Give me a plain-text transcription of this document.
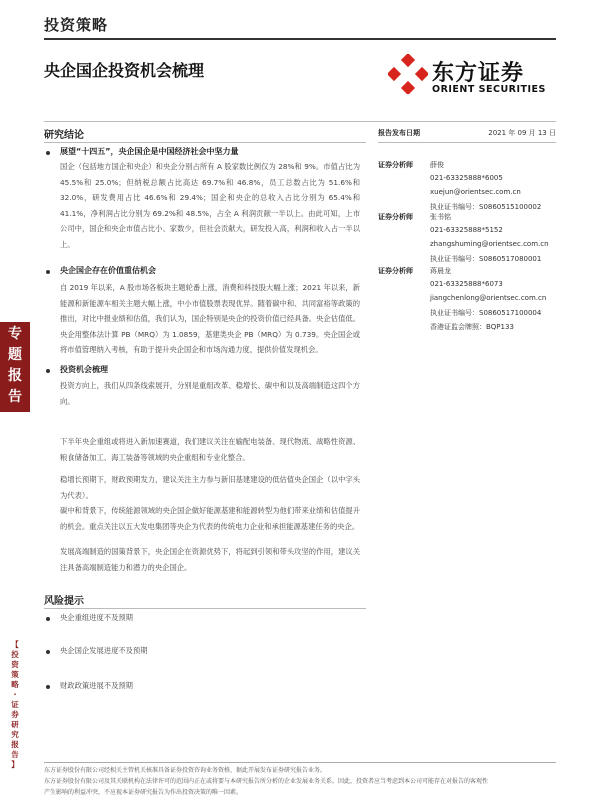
投资策略
央企国企投资机会梳理	东方证券
ORIENT SECURITIES
研究结论	报告发布日期	2021 年 09 月 13 日
证券分析师 薛俊
021-63325888*6005
xuejun@orientsec.com.cn
执业证书编号：S0860515100002
证券分析师 张书铭
021-63325888*5152
zhangshuming@orientsec.com.cn
执业证书编号：S0860517080001
证券分析师 蒋晨龙
021-63325888*6073
jiangchenlong@orientsec.com.cn
执业证书编号：S0860517100004
香港证监会牌照：BQP133
展望“十四五”，央企国企是中国经济社会中坚力量
国企（包括地方国企和央企）和央企分别占所有 A 股家数比例仅为 28%和 9%。市值占比为 45.5%和 25.0%；但纳税总额占比高达 69.7%和 46.8%，员工总数占比为 51.6%和 32.0%，研发费用占比 46.6%和 29.4%；国企和央企的总收入占比分别为 65.4%和 41.1%，净利润占比分别为 69.2%和 48.5%，占全 A 利润贡献一半以上。由此可知，上市公司中，国企和央企市值占比小、家数少，但社会贡献大，研发投入高，利润和收入占一半以上。
央企国企存在价值重估机会
自 2019 年以来，A 股市场各板块主题轮番上涨，消费和科技股大幅上涨；2021 年以来，新能源和新能源车相关主题大幅上涨，中小市值股票表现优异。随着碳中和、共同富裕等政策的推出，对比中报业绩和估值，我们认为，国企特别是央企的投资价值已经具备。央企估值低。央企用整体法计算 PB（MRQ）为 1.0859，基建类央企 PB（MRQ）为 0.739。央企国企或将市值管理纳入考核，有助于提升央企国企和市场沟通力度，提供价值发现机会。
投资机会梳理
投资方向上，我们从四条线索展开，分别是重组改革、稳增长、碳中和以及高端制造这四个方向。
下半年央企重组或将进入新加速赛道，我们建议关注在输配电装备、现代物流、战略性资源、粮食储备加工、海工装备等领域的央企重组和专业化整合。
稳增长预期下，财政预期发力，建议关注主力参与新旧基建建设的低估值央企国企（以中字头为代表）。
碳中和背景下，传统能源领域的央企国企做好能源基建和能源转型为他们带来业绩和估值提升的机会。重点关注以五大发电集团等央企为代表的传统电力企业和承担能源基建任务的央企。
发展高端制造的国策背景下，央企国企在资源优势下，将起到引领和带头攻坚的作用，建议关注具备高端制造能力和潜力的央企国企。
风险提示
央企重组进度不及预期
央企国企发展进度不及预期
财政政策进展不及预期
专
题
报
告
【
投
资
策
略
·
证
券
研
究
报
告
】
东方证券股份有限公司经相关主管机关核准具备证券投资咨询业务资格，据此开展发布证券研究报告业务。
东方证券股份有限公司及其关联机构在法律许可的范围内正在或将要与本研究报告所分析的企业发展业务关系。因此，投资者应当考虑到本公司可能存在对报告的客观性
产生影响的利益冲突，不应视本证券研究报告为作出投资决策的唯一因素。
